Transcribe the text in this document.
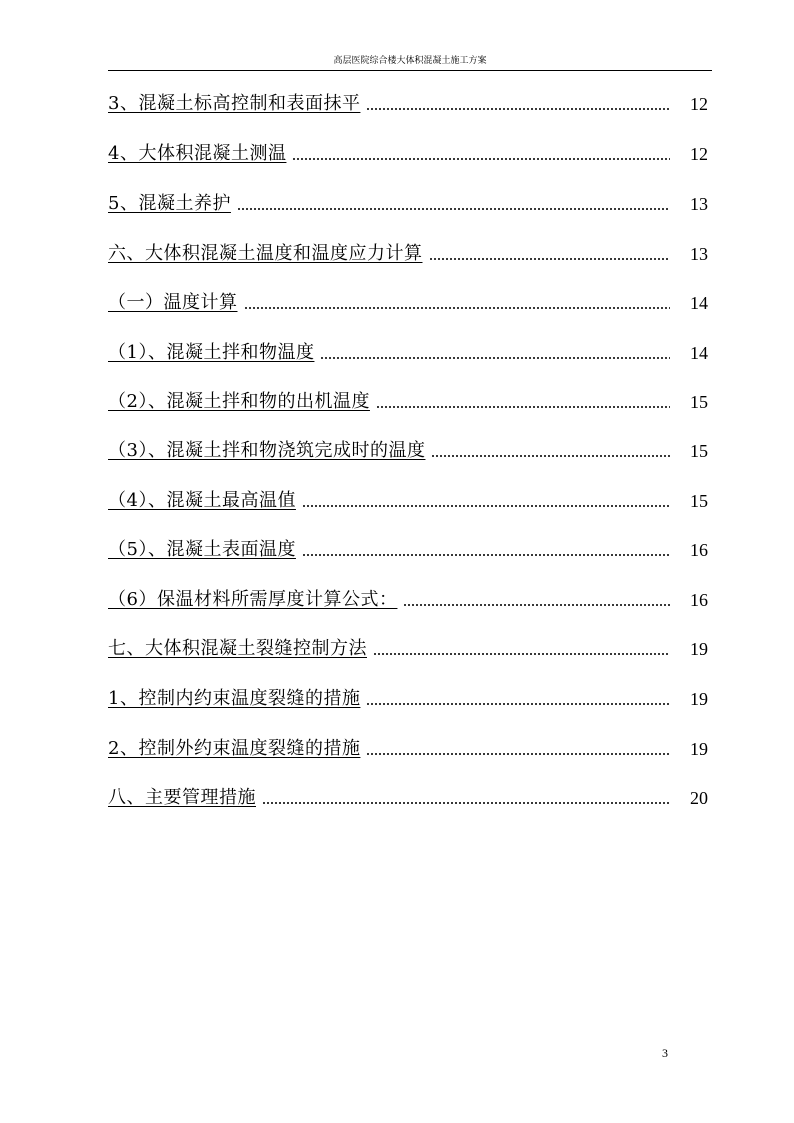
高层医院综合楼大体积混凝土施工方案
3、混凝土标高控制和表面抹平	12
4、大体积混凝土测温	12
5、混凝土养护	13
六、大体积混凝土温度和温度应力计算	13
（一）温度计算	14
（1）、混凝土拌和物温度	14
（2）、混凝土拌和物的出机温度	15
（3）、混凝土拌和物浇筑完成时的温度	15
（4）、混凝土最高温值	15
（5）、混凝土表面温度	16
（6）保温材料所需厚度计算公式：	16
七、大体积混凝土裂缝控制方法	19
1、控制内约束温度裂缝的措施	19
2、控制外约束温度裂缝的措施	19
八、主要管理措施	20
3
